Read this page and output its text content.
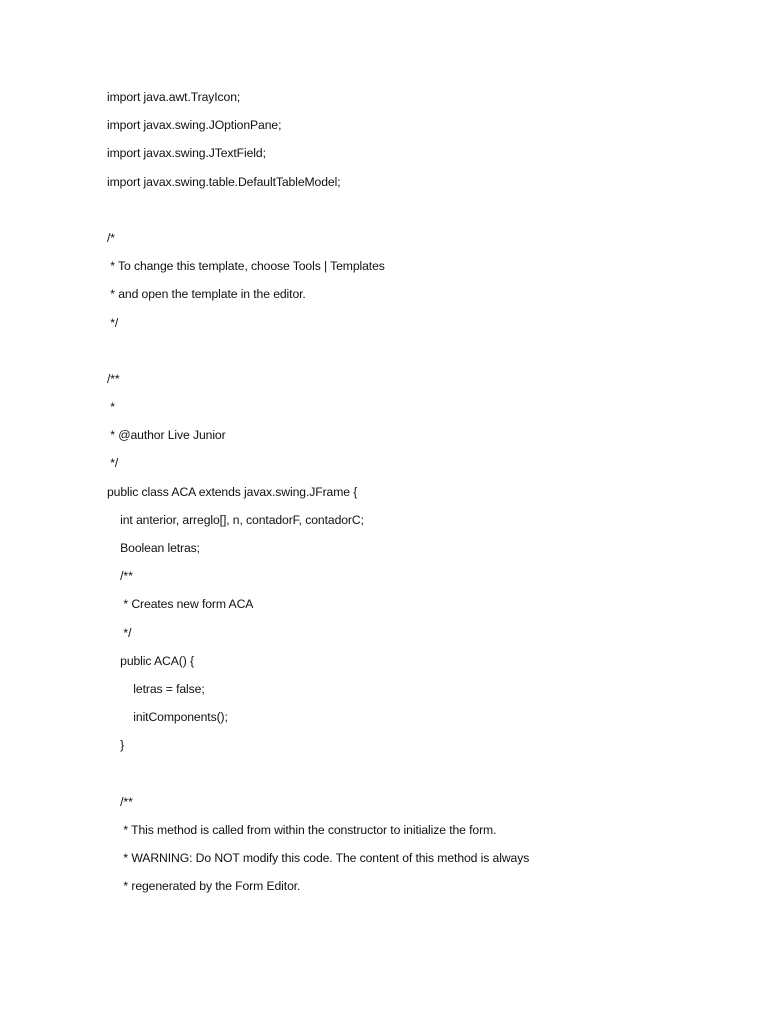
import java.awt.TrayIcon;
import javax.swing.JOptionPane;
import javax.swing.JTextField;
import javax.swing.table.DefaultTableModel;
/*
* To change this template, choose Tools | Templates
* and open the template in the editor.
*/
/**
*
* @author Live Junior
*/
public class ACA extends javax.swing.JFrame {
int anterior, arreglo[], n, contadorF, contadorC;
Boolean letras;
/**
* Creates new form ACA
*/
public ACA() {
letras = false;
initComponents();
}
/**
* This method is called from within the constructor to initialize the form.
* WARNING: Do NOT modify this code. The content of this method is always
* regenerated by the Form Editor.
